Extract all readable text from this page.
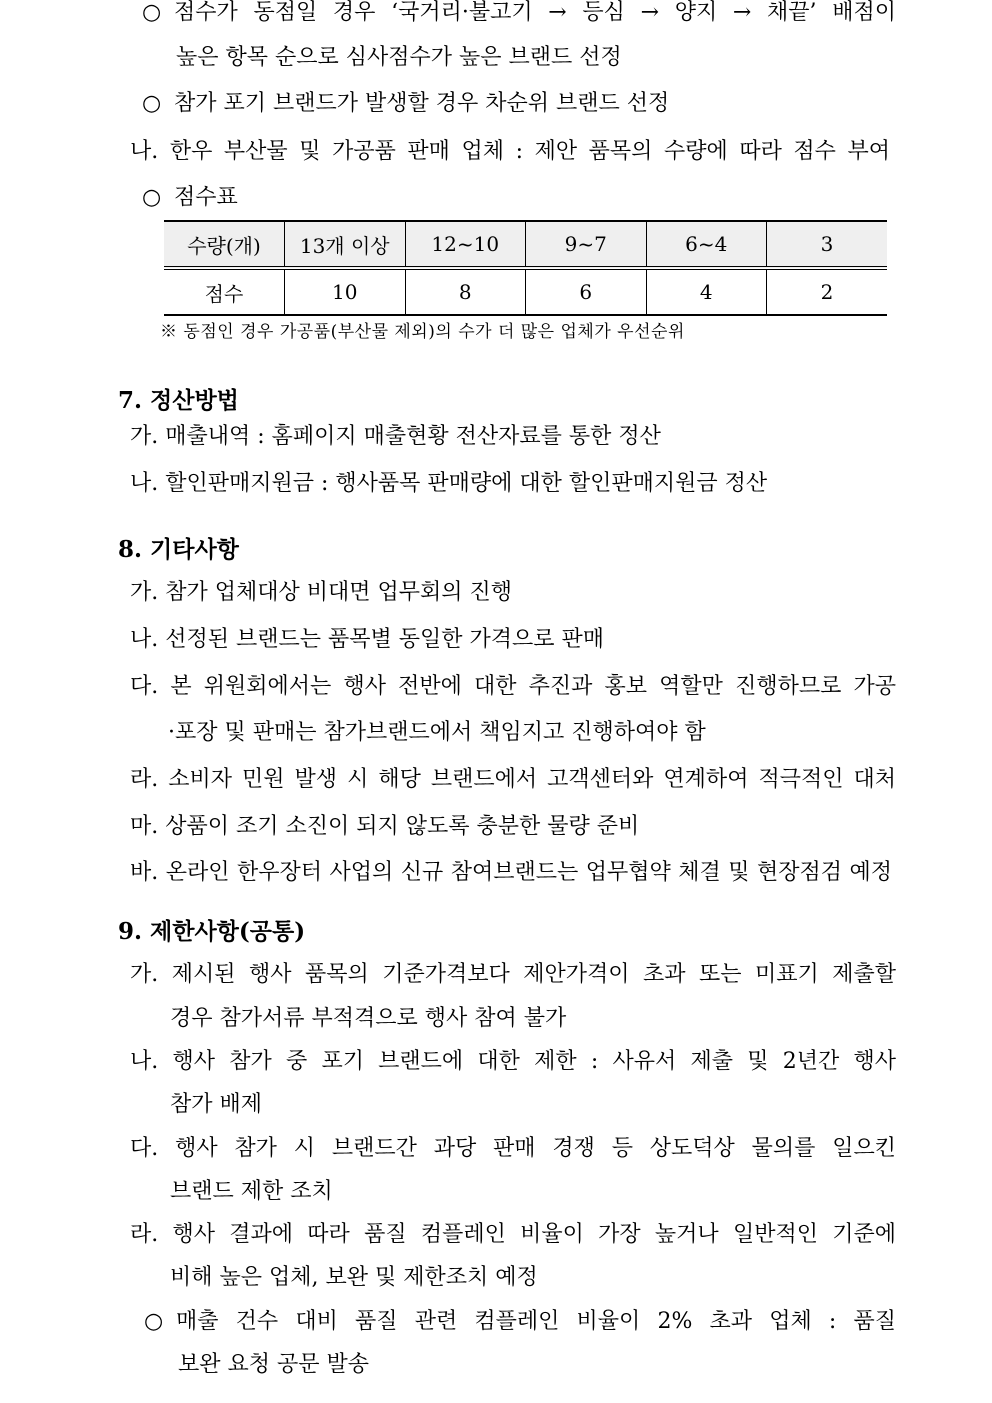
○ 점수가 동점일 경우 ‘국거리·불고기 → 등심 → 양지 → 채끝’ 배점이
높은 항목 순으로 심사점수가 높은 브랜드 선정
○ 참가 포기 브랜드가 발생할 경우 차순위 브랜드 선정
나. 한우 부산물 및 가공품 판매 업체 : 제안 품목의 수량에 따라 점수 부여
○ 점수표
수량(개)	13개 이상	12~10	9~7	6~4	3
점수	10	8	6	4	2
※ 동점인 경우 가공품(부산물 제외)의 수가 더 많은 업체가 우선순위
7. 정산방법
가. 매출내역 : 홈페이지 매출현황 전산자료를 통한 정산
나. 할인판매지원금 : 행사품목 판매량에 대한 할인판매지원금 정산
8. 기타사항
가. 참가 업체대상 비대면 업무회의 진행
나. 선정된 브랜드는 품목별 동일한 가격으로 판매
다. 본 위원회에서는 행사 전반에 대한 추진과 홍보 역할만 진행하므로 가공
·포장 및 판매는 참가브랜드에서 책임지고 진행하여야 함
라. 소비자 민원 발생 시 해당 브랜드에서 고객센터와 연계하여 적극적인 대처
마. 상품이 조기 소진이 되지 않도록 충분한 물량 준비
바. 온라인 한우장터 사업의 신규 참여브랜드는 업무협약 체결 및 현장점검 예정
9. 제한사항(공통)
가. 제시된 행사 품목의 기준가격보다 제안가격이 초과 또는 미표기 제출할
경우 참가서류 부적격으로 행사 참여 불가
나. 행사 참가 중 포기 브랜드에 대한 제한 : 사유서 제출 및 2년간 행사
참가 배제
다. 행사 참가 시 브랜드간 과당 판매 경쟁 등 상도덕상 물의를 일으킨
브랜드 제한 조치
라. 행사 결과에 따라 품질 컴플레인 비율이 가장 높거나 일반적인 기준에
비해 높은 업체, 보완 및 제한조치 예정
○ 매출 건수 대비 품질 관련 컴플레인 비율이 2% 초과 업체 : 품질
보완 요청 공문 발송
